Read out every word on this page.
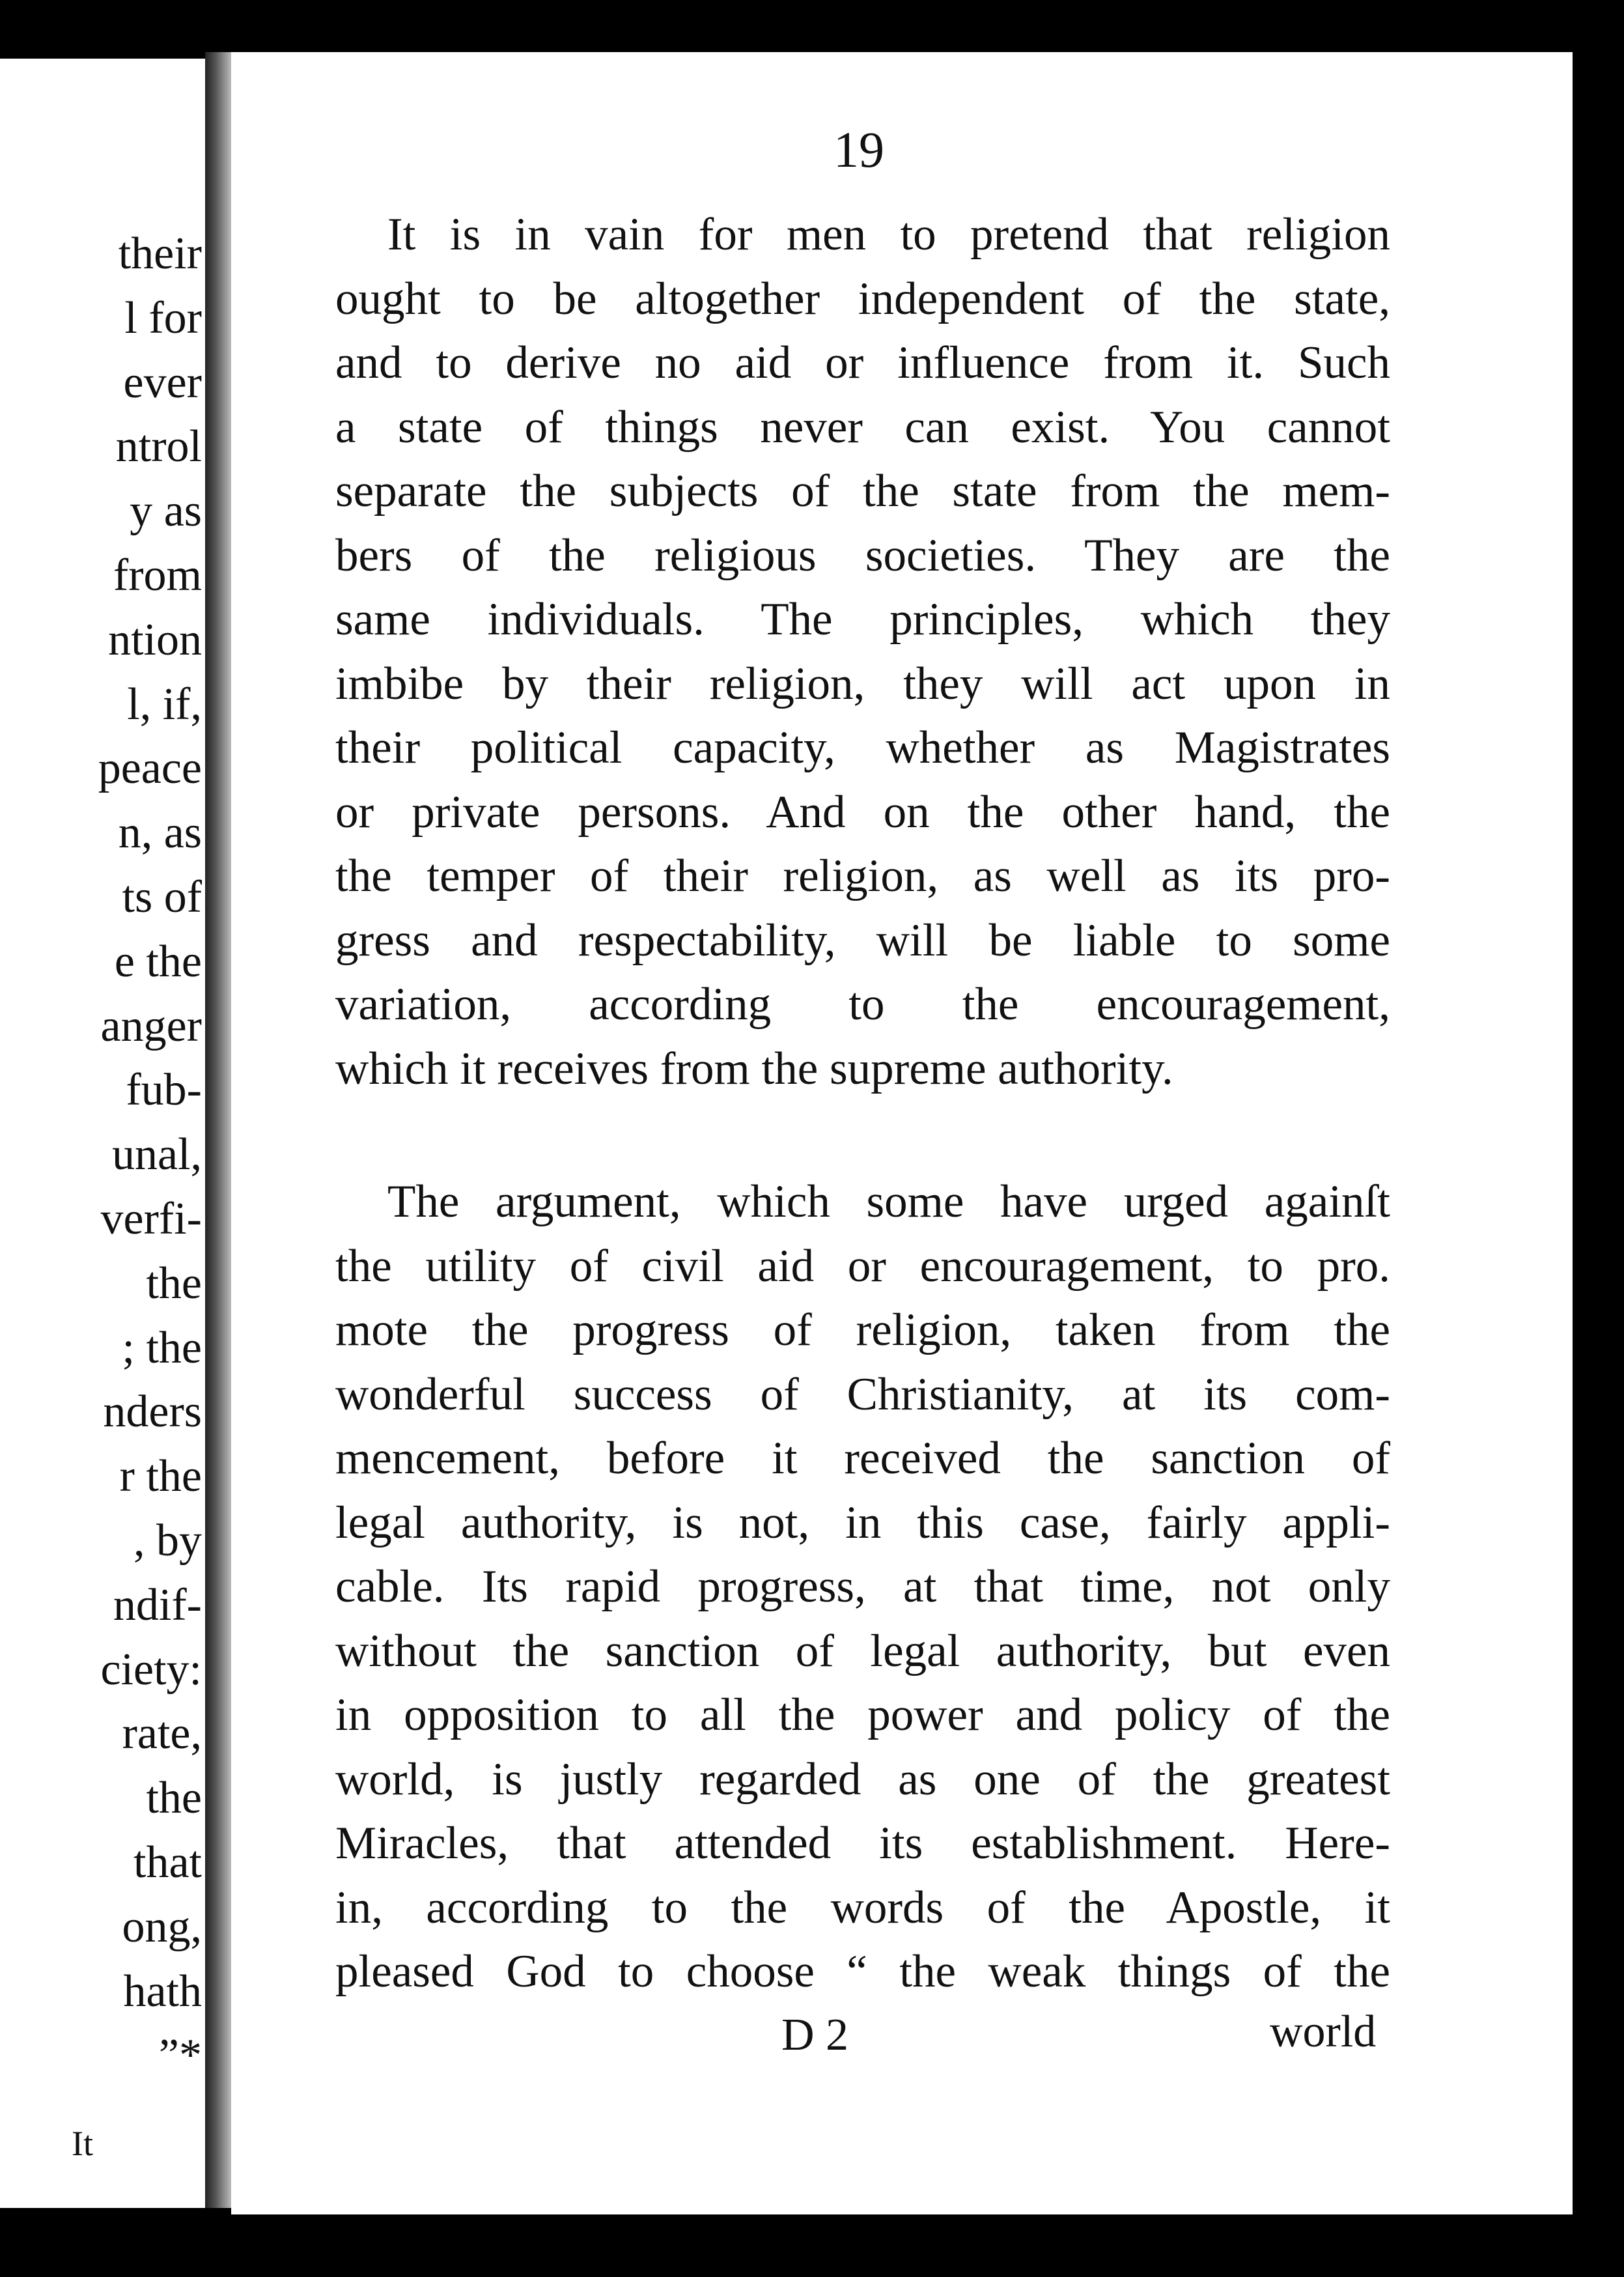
their
l for
ever
ntrol
y as
from
ntion
l, if,
peace
n, as
ts of
e the
anger
fub-
unal,
verfi-
the
; the
nders
r the
, by
ndif-
ciety:
rate,
the
that
ong,
hath
”*
It
19
It is in vain for men to pretend that religion
ought to be altogether independent of the state,
and to derive no aid or influence from it. Such
a state of things never can exist. You cannot
separate the subjects of the state from the mem-
bers of the religious societies. They are the
same individuals. The principles, which they
imbibe by their religion, they will act upon in
their political capacity, whether as Magistrates
or private persons. And on the other hand, the
the temper of their religion, as well as its pro-
gress and respectability, will be liable to some
variation, according to the encouragement,
which it receives from the supreme authority.
The argument, which some have urged againſt
the utility of civil aid or encouragement, to pro.
mote the progress of religion, taken from the
wonderful success of Christianity, at its com-
mencement, before it received the sanction of
legal authority, is not, in this case, fairly appli-
cable. Its rapid progress, at that time, not only
without the sanction of legal authority, but even
in opposition to all the power and policy of the
world, is justly regarded as one of the greatest
Miracles, that attended its establishment. Here-
in, according to the words of the Apostle, it
pleased God to choose “ the weak things of the
D 2	world
